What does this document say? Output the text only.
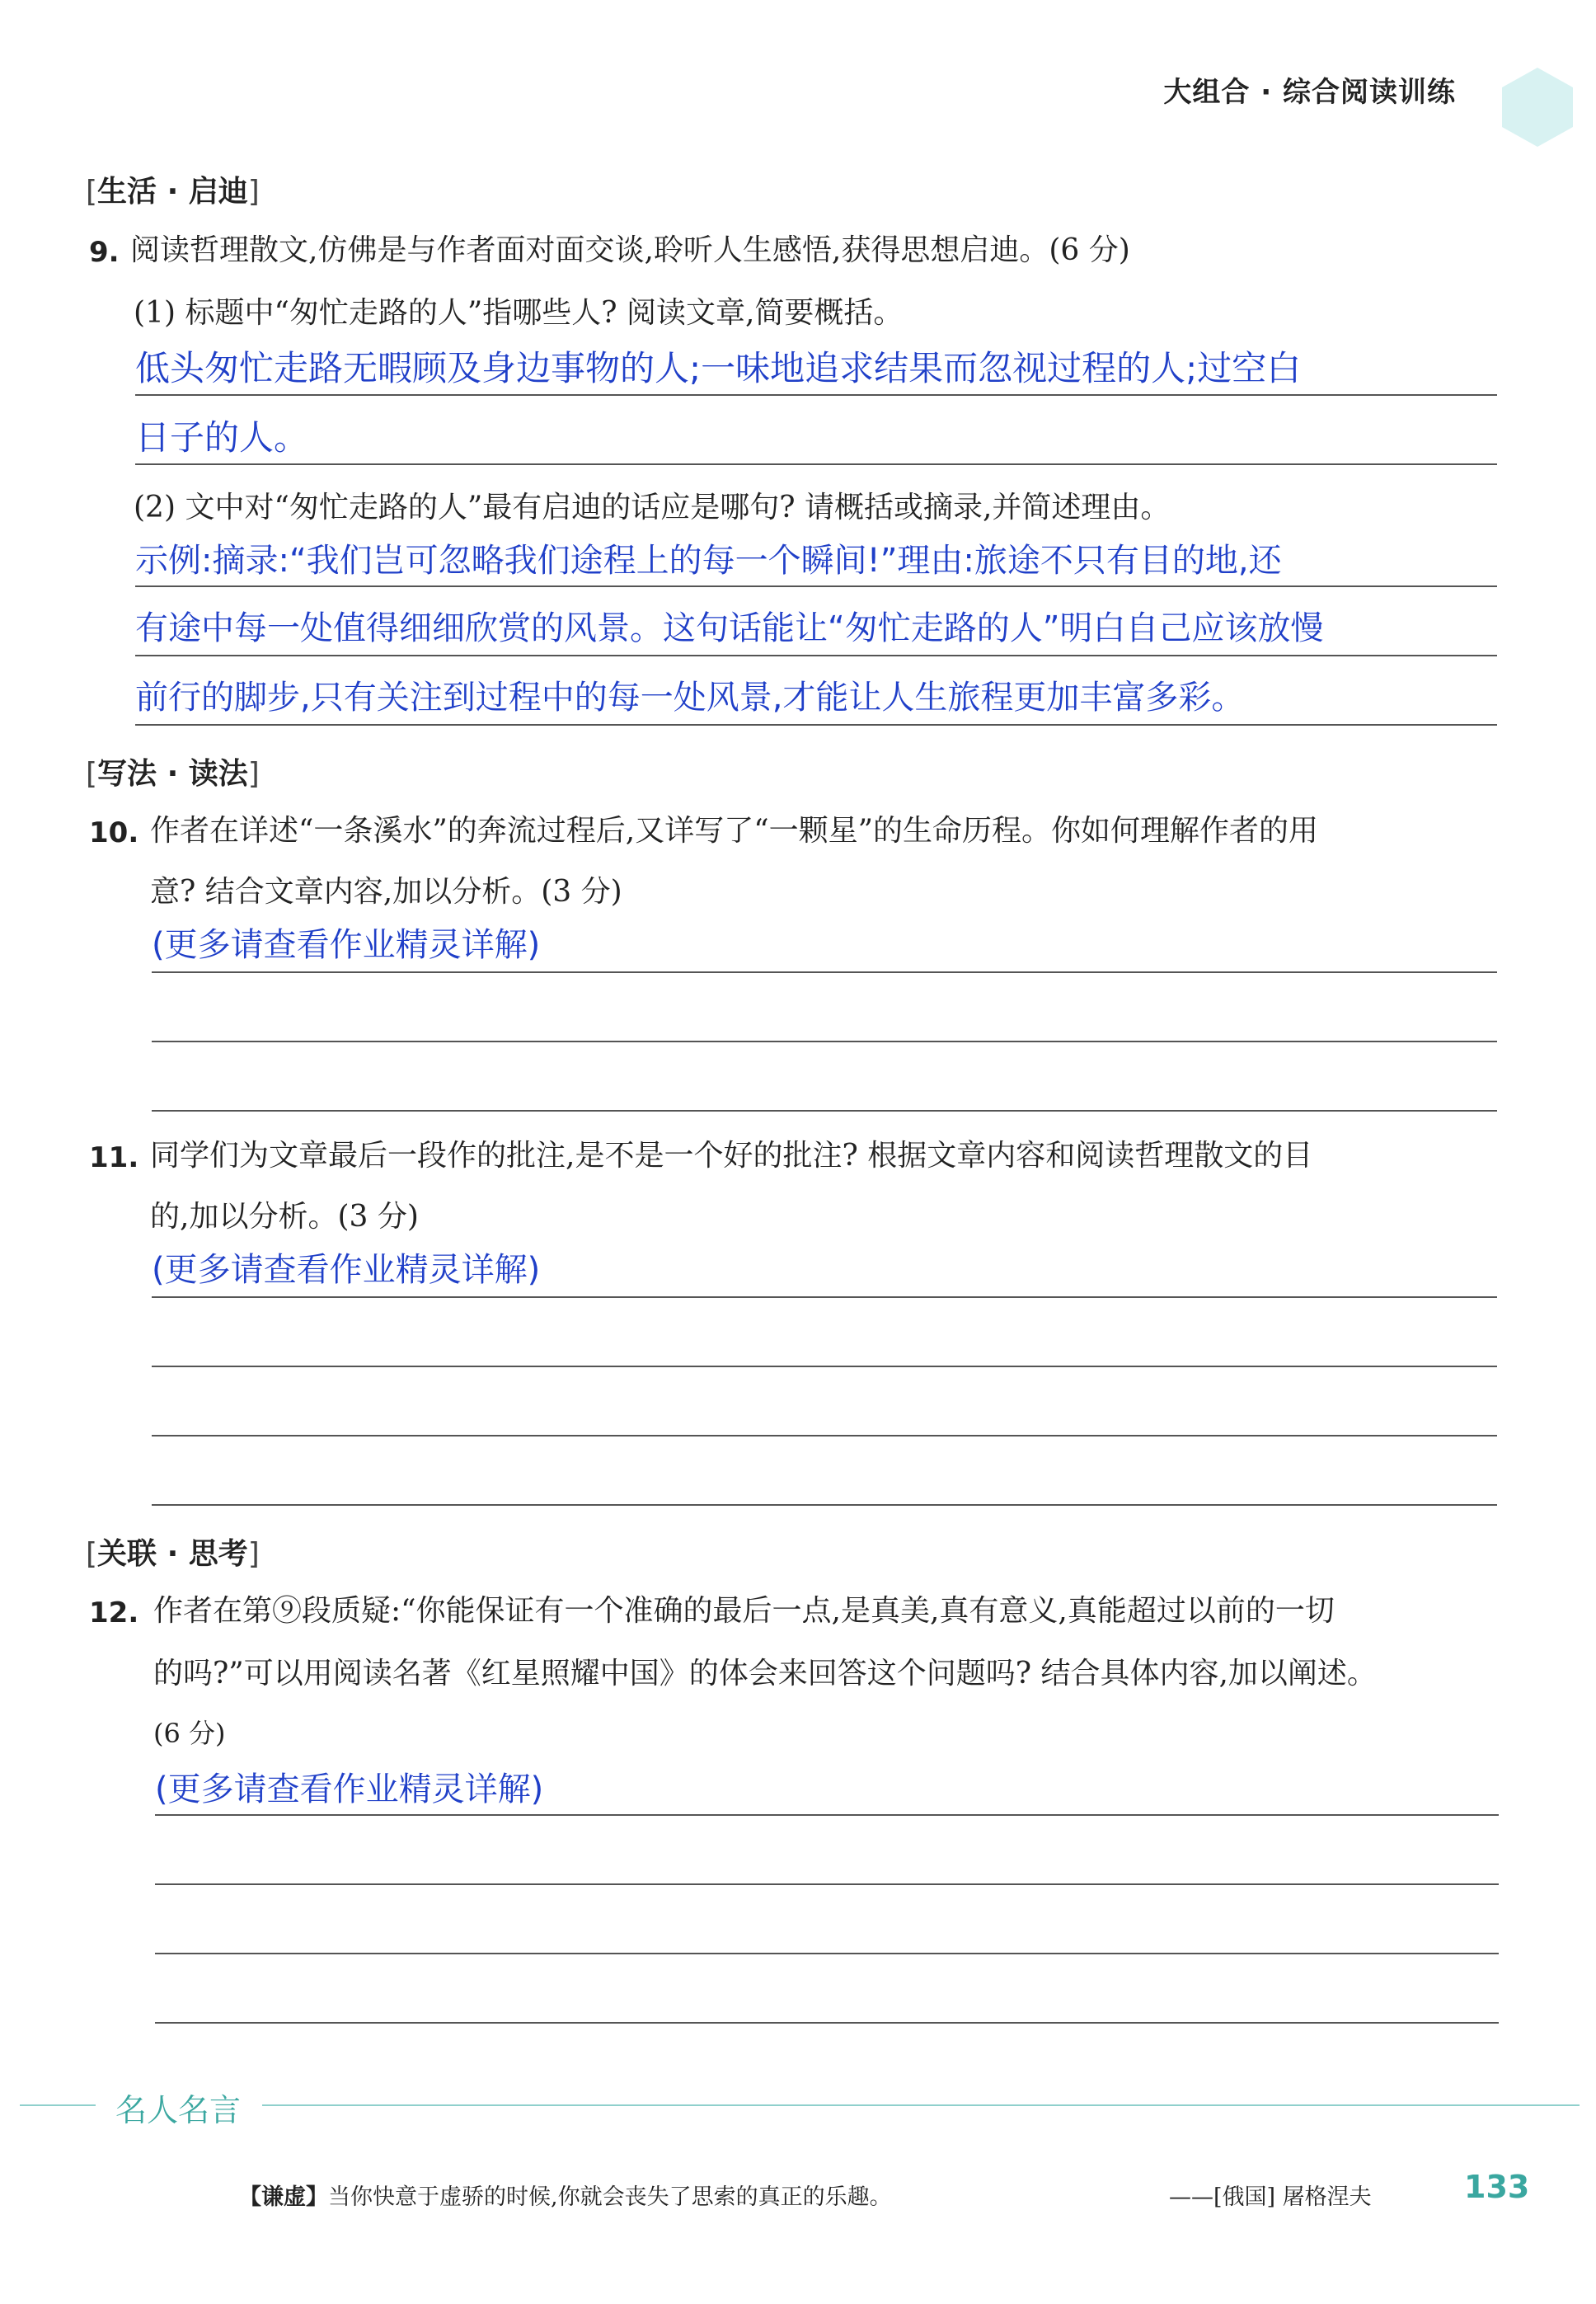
大组合 · 综合阅读训练
[生活 · 启迪]
9. 阅读哲理散文,仿佛是与作者面对面交谈,聆听人生感悟,获得思想启迪。(6 分)
(1) 标题中“匆忙走路的人”指哪些人? 阅读文章,简要概括。
低头匆忙走路无暇顾及身边事物的人;一味地追求结果而忽视过程的人;过空白
日子的人。
(2) 文中对“匆忙走路的人”最有启迪的话应是哪句? 请概括或摘录,并简述理由。
示例:摘录:“我们岂可忽略我们途程上的每一个瞬间!”理由:旅途不只有目的地,还
有途中每一处值得细细欣赏的风景。这句话能让“匆忙走路的人”明白自己应该放慢
前行的脚步,只有关注到过程中的每一处风景,才能让人生旅程更加丰富多彩。
[写法 · 读法]
10. 作者在详述“一条溪水”的奔流过程后,又详写了“一颗星”的生命历程。你如何理解作者的用
意? 结合文章内容,加以分析。(3 分)
(更多请查看作业精灵详解)
11. 同学们为文章最后一段作的批注,是不是一个好的批注? 根据文章内容和阅读哲理散文的目
的,加以分析。(3 分)
(更多请查看作业精灵详解)
[关联 · 思考]
12. 作者在第⑨段质疑:“你能保证有一个准确的最后一点,是真美,真有意义,真能超过以前的一切
的吗?”可以用阅读名著《红星照耀中国》的体会来回答这个问题吗? 结合具体内容,加以阐述。
(6 分)
(更多请查看作业精灵详解)
名人名言
【谦虚】当你快意于虚骄的时候,你就会丧失了思索的真正的乐趣。	——[俄国] 屠格涅夫	133
